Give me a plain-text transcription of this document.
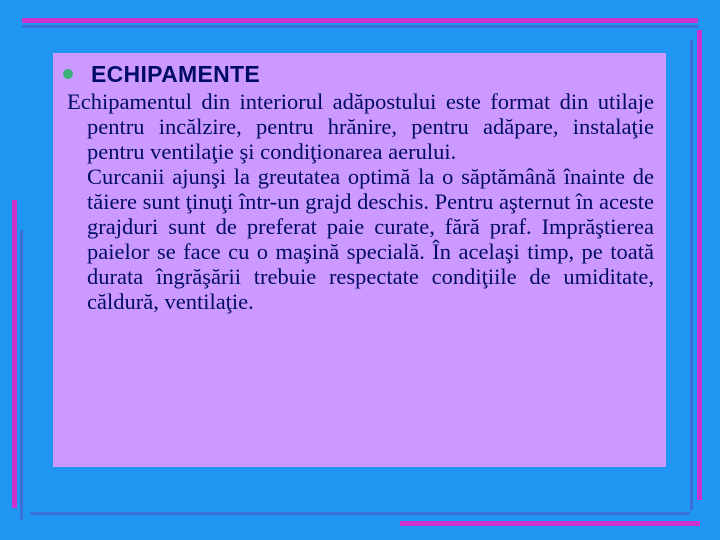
ECHIPAMENTE

Echipamentul din interiorul adăpostului este format din utilaje pentru incălzire, pentru hrănire, pentru adăpare, instalaţie pentru ventilaţie şi condiţionarea aerului.

Curcanii ajunşi la greutatea optimă la o săptămână înainte de tăiere sunt ţinuţi într-un grajd deschis. Pentru aşternut în aceste grajduri sunt de preferat paie curate, fără praf. Imprăştierea paielor se face cu o maşină specială. În acelaşi timp, pe toată durata îngrăşării trebuie respectate condiţiile de umiditate, căldură, ventilaţie.
